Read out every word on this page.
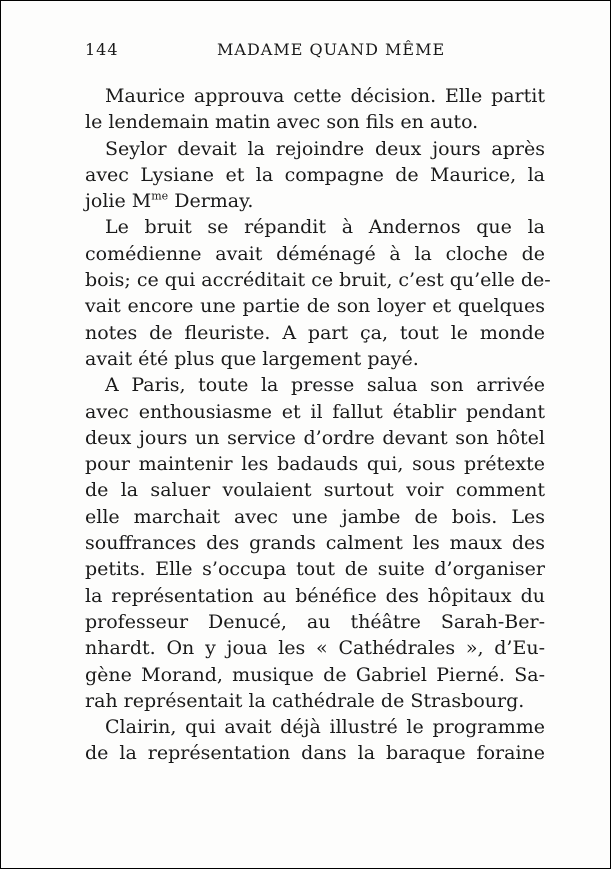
144	MADAME QUAND MÊME
Maurice approuva cette décision. Elle partit
le lendemain matin avec son fils en auto.
Seylor devait la rejoindre deux jours après
avec Lysiane et la compagne de Maurice, la
jolie $M^{me}$ Dermay.
Le bruit se répandit à Andernos que la
comédienne avait déménagé à la cloche de
bois; ce qui accréditait ce bruit, c’est qu’elle de-
vait encore une partie de son loyer et quelques
notes de fleuriste. A part ça, tout le monde
avait été plus que largement payé.
A Paris, toute la presse salua son arrivée
avec enthousiasme et il fallut établir pendant
deux jours un service d’ordre devant son hôtel
pour maintenir les badauds qui, sous prétexte
de la saluer voulaient surtout voir comment
elle marchait avec une jambe de bois. Les
souffrances des grands calment les maux des
petits. Elle s’occupa tout de suite d’organiser
la représentation au bénéfice des hôpitaux du
professeur Denucé, au théâtre Sarah-Ber-
nhardt. On y joua les « Cathédrales », d’Eu-
gène Morand, musique de Gabriel Pierné. Sa-
rah représentait la cathédrale de Strasbourg.
Clairin, qui avait déjà illustré le programme
de la représentation dans la baraque foraine
